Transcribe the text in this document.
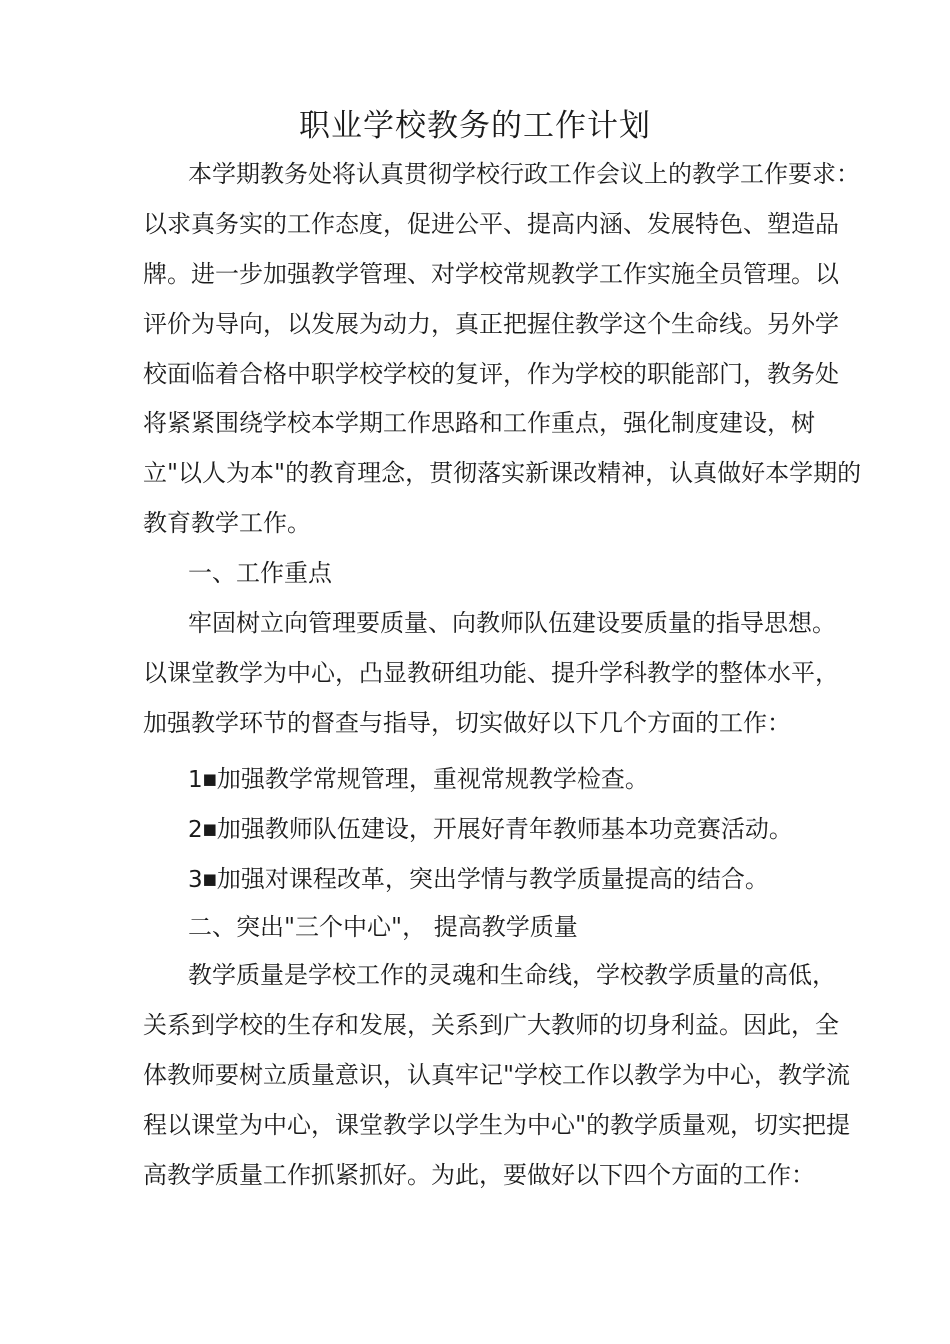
职业学校教务的工作计划
本学期教务处将认真贯彻学校行政工作会议上的教学工作要求：
以求真务实的工作态度，促进公平、提高内涵、发展特色、塑造品
牌。进一步加强教学管理、对学校常规教学工作实施全员管理。以
评价为导向，以发展为动力，真正把握住教学这个生命线。另外学
校面临着合格中职学校学校的复评，作为学校的职能部门，教务处
将紧紧围绕学校本学期工作思路和工作重点，强化制度建设，树
立"以人为本"的教育理念，贯彻落实新课改精神，认真做好本学期的
教育教学工作。
一、工作重点
牢固树立向管理要质量、向教师队伍建设要质量的指导思想。
以课堂教学为中心，凸显教研组功能、提升学科教学的整体水平，
加强教学环节的督查与指导，切实做好以下几个方面的工作：
1■加强教学常规管理，重视常规教学检查。
2■加强教师队伍建设，开展好青年教师基本功竞赛活动。
3■加强对课程改革，突出学情与教学质量提高的结合。
二、突出"三个中心"， 提高教学质量
教学质量是学校工作的灵魂和生命线，学校教学质量的高低，
关系到学校的生存和发展，关系到广大教师的切身利益。因此，全
体教师要树立质量意识，认真牢记"学校工作以教学为中心，教学流
程以课堂为中心，课堂教学以学生为中心"的教学质量观，切实把提
高教学质量工作抓紧抓好。为此，要做好以下四个方面的工作：
